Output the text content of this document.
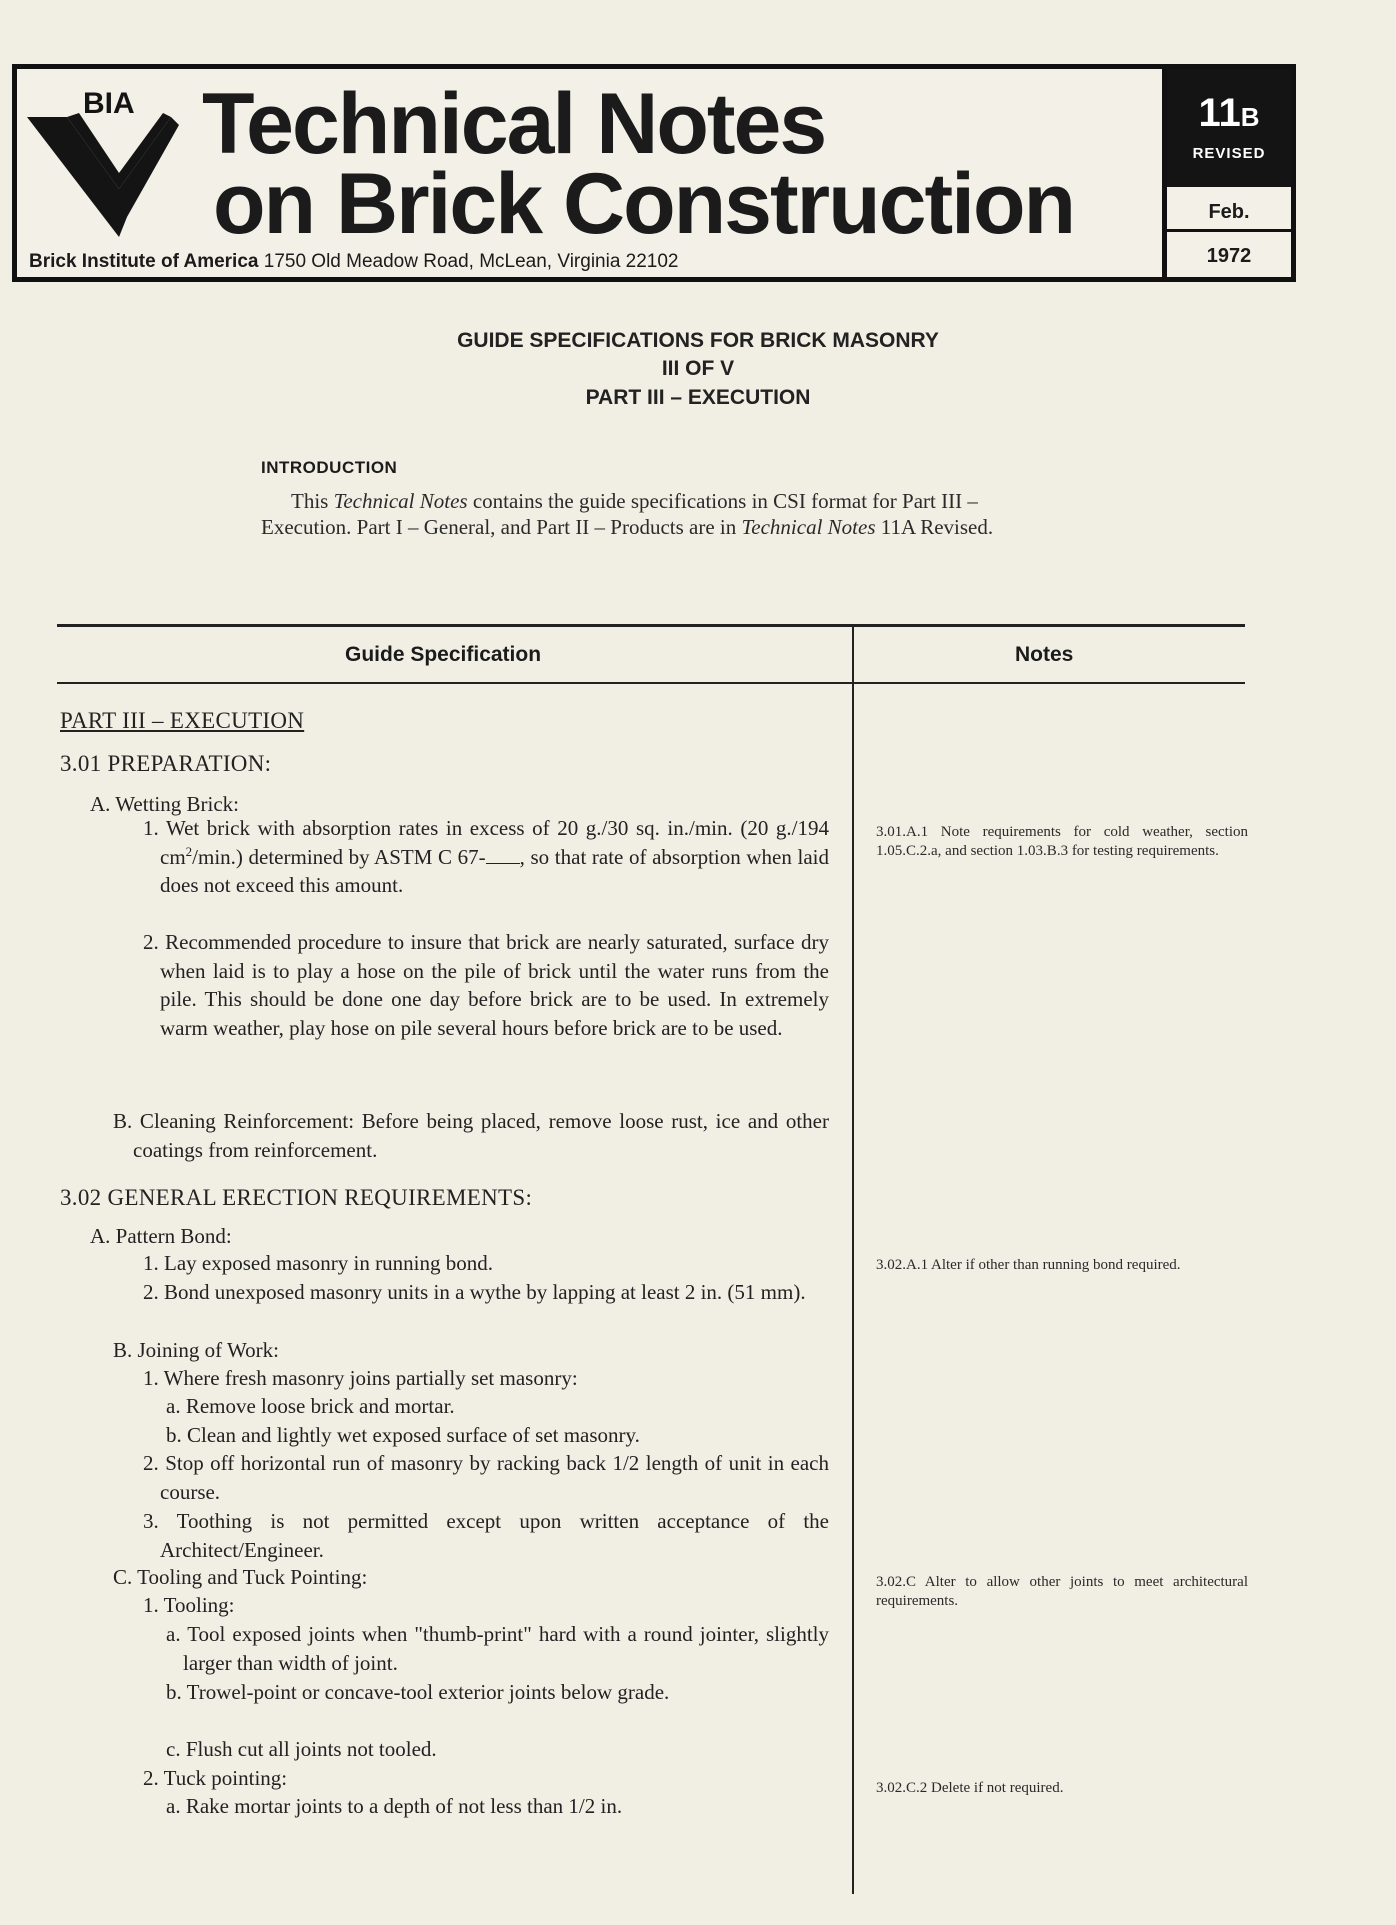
BIA Technical Notes
on Brick Construction
Brick Institute of America 1750 Old Meadow Road, McLean, Virginia 22102
11B
REVISED
Feb.
1972
GUIDE SPECIFICATIONS FOR BRICK MASONRY
III OF V
PART III – EXECUTION
INTRODUCTION
This Technical Notes contains the guide specifications in CSI format for Part III – Execution. Part I – General, and Part II – Products are in Technical Notes 11A Revised.
Guide Specification	Notes
PART III – EXECUTION
3.01 PREPARATION:
A. Wetting Brick:
1. Wet brick with absorption rates in excess of 20 g./30 sq. in./min. (20 g./194 $cm^2/\min$.) determined by ASTM C 67- , so that rate of absorption when laid does not exceed this amount.
2. Recommended procedure to insure that brick are nearly saturated, surface dry when laid is to play a hose on the pile of brick until the water runs from the pile. This should be done one day before brick are to be used. In extremely warm weather, play hose on pile several hours before brick are to be used.
B. Cleaning Reinforcement: Before being placed, remove loose rust, ice and other coatings from reinforcement.
3.02 GENERAL ERECTION REQUIREMENTS:
A. Pattern Bond:
1. Lay exposed masonry in running bond.
2. Bond unexposed masonry units in a wythe by lapping at least 2 in. (51 mm).
B. Joining of Work:
1. Where fresh masonry joins partially set masonry:
a. Remove loose brick and mortar.
b. Clean and lightly wet exposed surface of set masonry.
2. Stop off horizontal run of masonry by racking back 1/2 length of unit in each course.
3. Toothing is not permitted except upon written acceptance of the Architect/Engineer.
C. Tooling and Tuck Pointing:
1. Tooling:
a. Tool exposed joints when "thumb-print" hard with a round jointer, slightly larger than width of joint.
b. Trowel-point or concave-tool exterior joints below grade.
c. Flush cut all joints not tooled.
2. Tuck pointing:
a. Rake mortar joints to a depth of not less than 1/2 in.
3.01.A.1 Note requirements for cold weather, section 1.05.C.2.a, and section 1.03.B.3 for testing requirements.
3.02.A.1 Alter if other than running bond required.
3.02.C Alter to allow other joints to meet architectural requirements.
3.02.C.2 Delete if not required.
